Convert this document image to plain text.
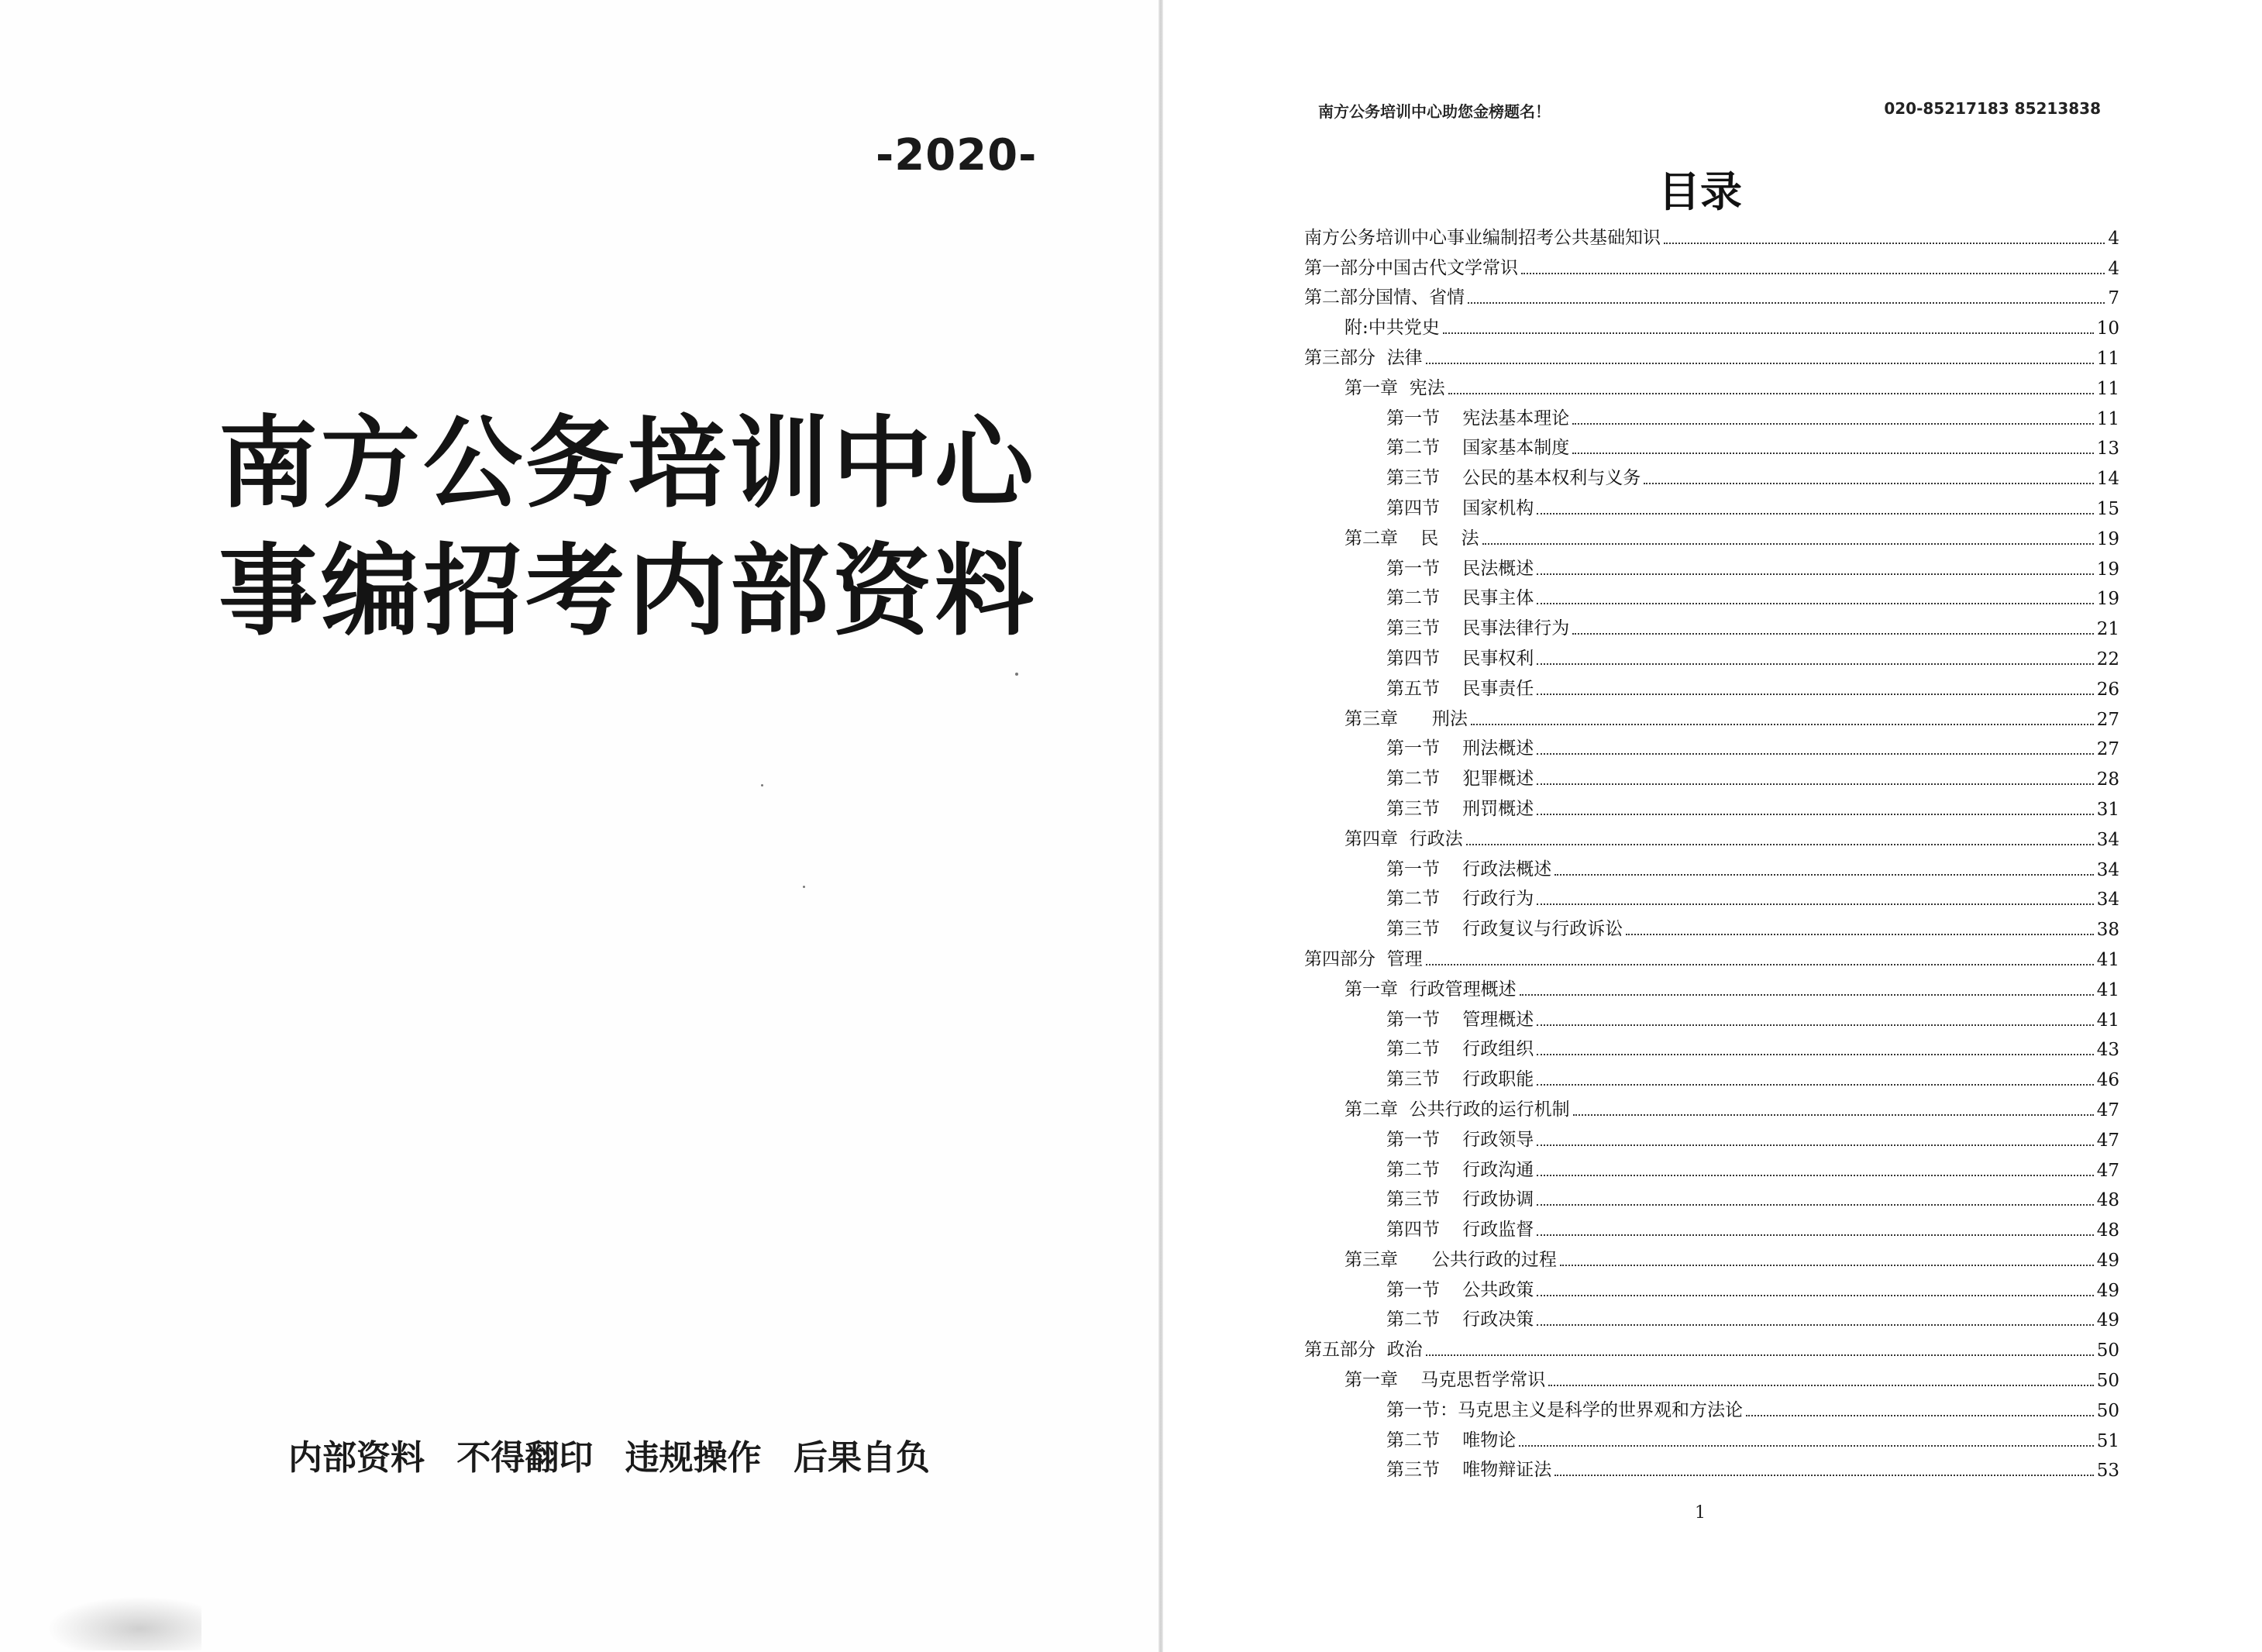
-2020-
南方公务培训中心
事编招考内部资料
内部资料 不得翻印 违规操作 后果自负
南方公务培训中心助您金榜题名！	020-85217183 85213838
目录
南方公务培训中心事业编制招考公共基础知识	4
第一部分中国古代文学常识	4
第二部分国情、省情	7
附:中共党史	10
第三部分  法律	11
第一章  宪法	11
第一节    宪法基本理论	11
第二节    国家基本制度	13
第三节    公民的基本权利与义务	14
第四节    国家机构	15
第二章    民    法	19
第一节    民法概述	19
第二节    民事主体	19
第三节    民事法律行为	21
第四节    民事权利	22
第五节    民事责任	26
第三章      刑法	27
第一节    刑法概述	27
第二节    犯罪概述	28
第三节    刑罚概述	31
第四章  行政法	34
第一节    行政法概述	34
第二节    行政行为	34
第三节    行政复议与行政诉讼	38
第四部分  管理	41
第一章  行政管理概述	41
第一节    管理概述	41
第二节    行政组织	43
第三节    行政职能	46
第二章  公共行政的运行机制	47
第一节    行政领导	47
第二节    行政沟通	47
第三节    行政协调	48
第四节    行政监督	48
第三章      公共行政的过程	49
第一节    公共政策	49
第二节    行政决策	49
第五部分  政治	50
第一章    马克思哲学常识	50
第一节：马克思主义是科学的世界观和方法论	50
第二节    唯物论	51
第三节    唯物辩证法	53
1
